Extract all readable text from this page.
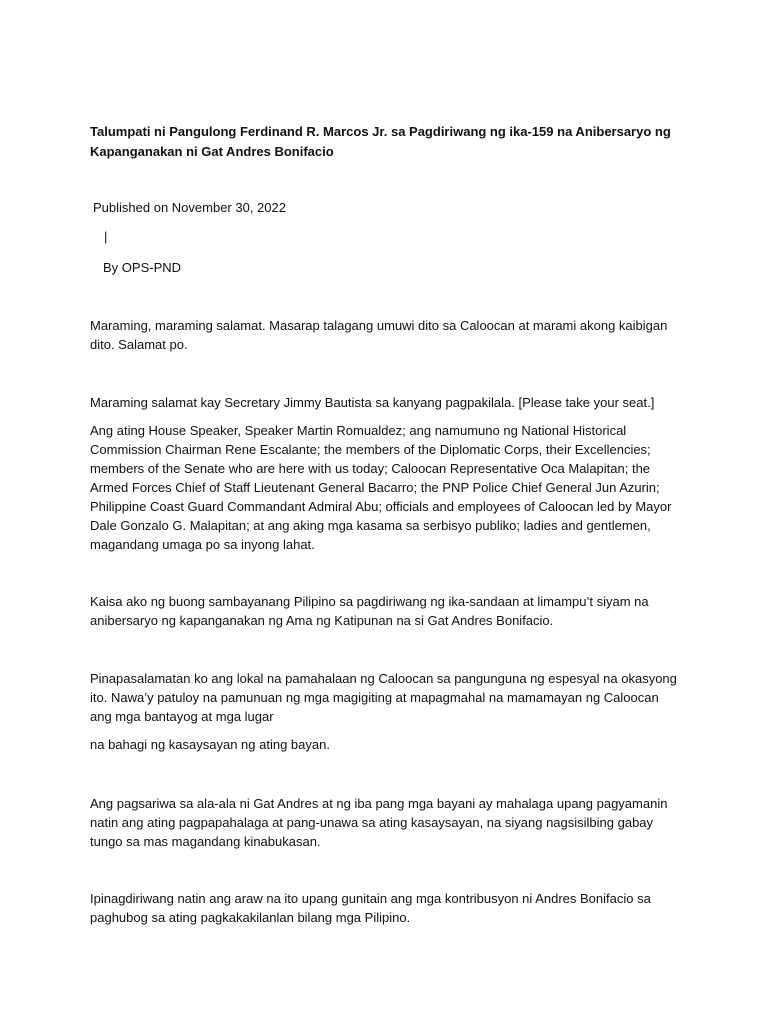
Talumpati ni Pangulong Ferdinand R. Marcos Jr. sa Pagdiriwang ng ika-159 na Anibersaryo ng Kapanganakan ni Gat Andres Bonifacio

Published on November 30, 2022

|

By OPS-PND

Maraming, maraming salamat. Masarap talagang umuwi dito sa Caloocan at marami akong kaibigan dito. Salamat po.

Maraming salamat kay Secretary Jimmy Bautista sa kanyang pagpakilala. [Please take your seat.]

Ang ating House Speaker, Speaker Martin Romualdez; ang namumuno ng National Historical Commission Chairman Rene Escalante; the members of the Diplomatic Corps, their Excellencies; members of the Senate who are here with us today; Caloocan Representative Oca Malapitan; the Armed Forces Chief of Staff Lieutenant General Bacarro; the PNP Police Chief General Jun Azurin; Philippine Coast Guard Commandant Admiral Abu; officials and employees of Caloocan led by Mayor Dale Gonzalo G. Malapitan; at ang aking mga kasama sa serbisyo publiko; ladies and gentlemen, magandang umaga po sa inyong lahat.

Kaisa ako ng buong sambayanang Pilipino sa pagdiriwang ng ika-sandaan at limampu’t siyam na anibersaryo ng kapanganakan ng Ama ng Katipunan na si Gat Andres Bonifacio.

Pinapasalamatan ko ang lokal na pamahalaan ng Caloocan sa pangunguna ng espesyal na okasyong ito. Nawa’y patuloy na pamunuan ng mga magigiting at mapagmahal na mamamayan ng Caloocan ang mga bantayog at mga lugar

na bahagi ng kasaysayan ng ating bayan.

Ang pagsariwa sa ala-ala ni Gat Andres at ng iba pang mga bayani ay mahalaga upang pagyamanin natin ang ating pagpapahalaga at pang-unawa sa ating kasaysayan, na siyang nagsisilbing gabay tungo sa mas magandang kinabukasan.

Ipinagdiriwang natin ang araw na ito upang gunitain ang mga kontribusyon ni Andres Bonifacio sa paghubog sa ating pagkakakilanlan bilang mga Pilipino.
